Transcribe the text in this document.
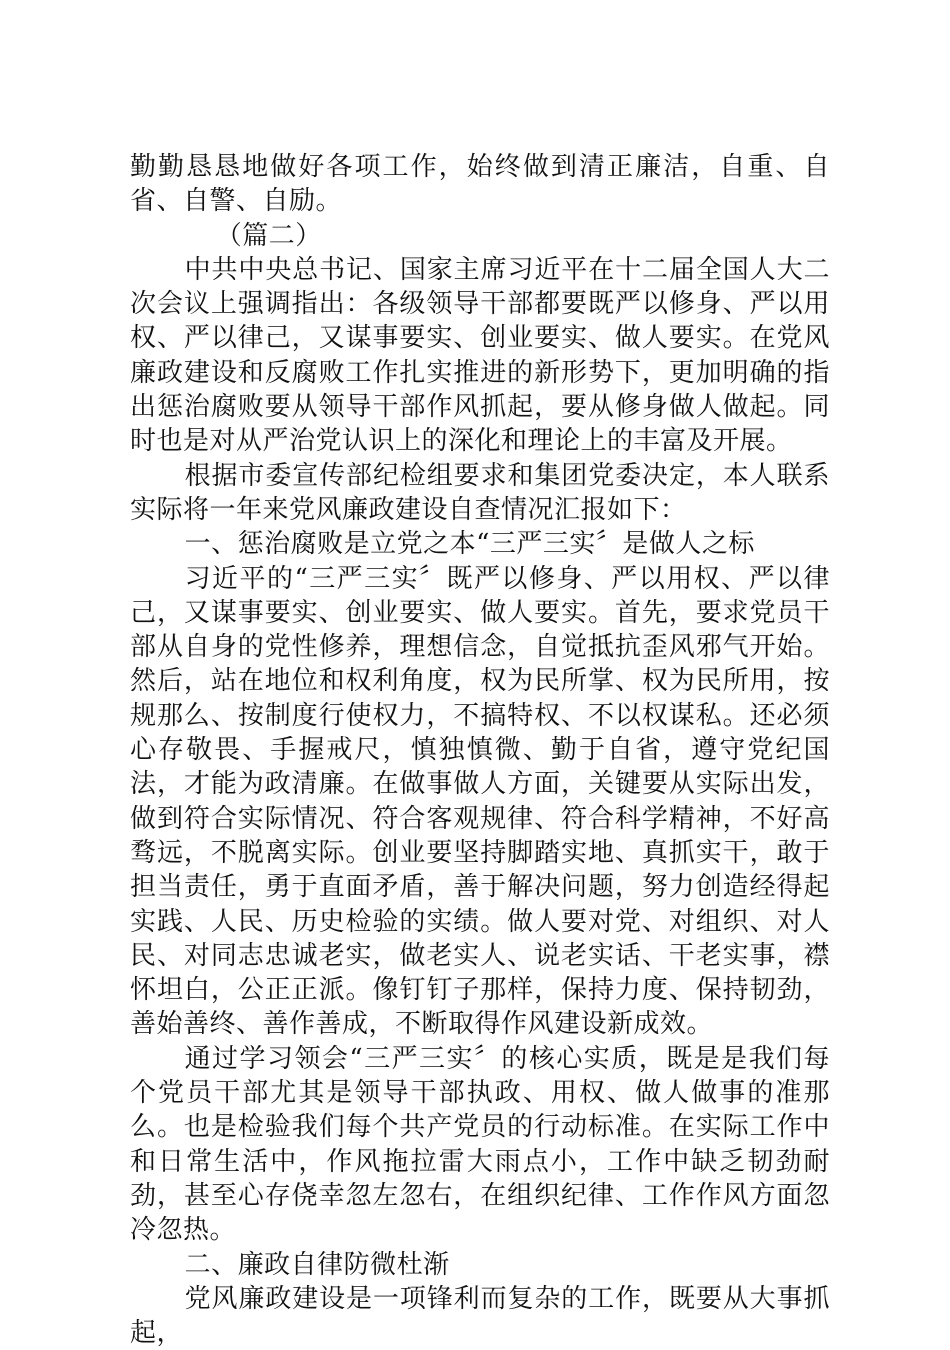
勤勤恳恳地做好各项工作，始终做到清正廉洁，自重、自省、自警、自励。

（篇二）

中共中央总书记、国家主席习近平在十二届全国人大二次会议上强调指出：各级领导干部都要既严以修身、严以用权、严以律己，又谋事要实、创业要实、做人要实。在党风廉政建设和反腐败工作扎实推进的新形势下，更加明确的指出惩治腐败要从领导干部作风抓起，要从修身做人做起。同时也是对从严治党认识上的深化和理论上的丰富及开展。

根据市委宣传部纪检组要求和集团党委决定，本人联系实际将一年来党风廉政建设自查情况汇报如下：

一、惩治腐败是立党之本“三严三实〞是做人之标

习近平的“三严三实〞既严以修身、严以用权、严以律己，又谋事要实、创业要实、做人要实。首先，要求党员干部从自身的党性修养，理想信念，自觉抵抗歪风邪气开始。然后，站在地位和权利角度，权为民所掌、权为民所用，按规那么、按制度行使权力，不搞特权、不以权谋私。还必须心存敬畏、手握戒尺，慎独慎微、勤于自省，遵守党纪国法，才能为政清廉。在做事做人方面，关键要从实际出发，做到符合实际情况、符合客观规律、符合科学精神，不好高骛远，不脱离实际。创业要坚持脚踏实地、真抓实干，敢于担当责任，勇于直面矛盾，善于解决问题，努力创造经得起实践、人民、历史检验的实绩。做人要对党、对组织、对人民、对同志忠诚老实，做老实人、说老实话、干老实事，襟怀坦白，公正正派。像钉钉子那样，保持力度、保持韧劲，善始善终、善作善成，不断取得作风建设新成效。

通过学习领会“三严三实〞的核心实质，既是是我们每个党员干部尤其是领导干部执政、用权、做人做事的准那么。也是检验我们每个共产党员的行动标准。在实际工作中和日常生活中，作风拖拉雷大雨点小，工作中缺乏韧劲耐劲，甚至心存侥幸忽左忽右，在组织纪律、工作作风方面忽冷忽热。

二、廉政自律防微杜渐

党风廉政建设是一项锋利而复杂的工作，既要从大事抓起，
